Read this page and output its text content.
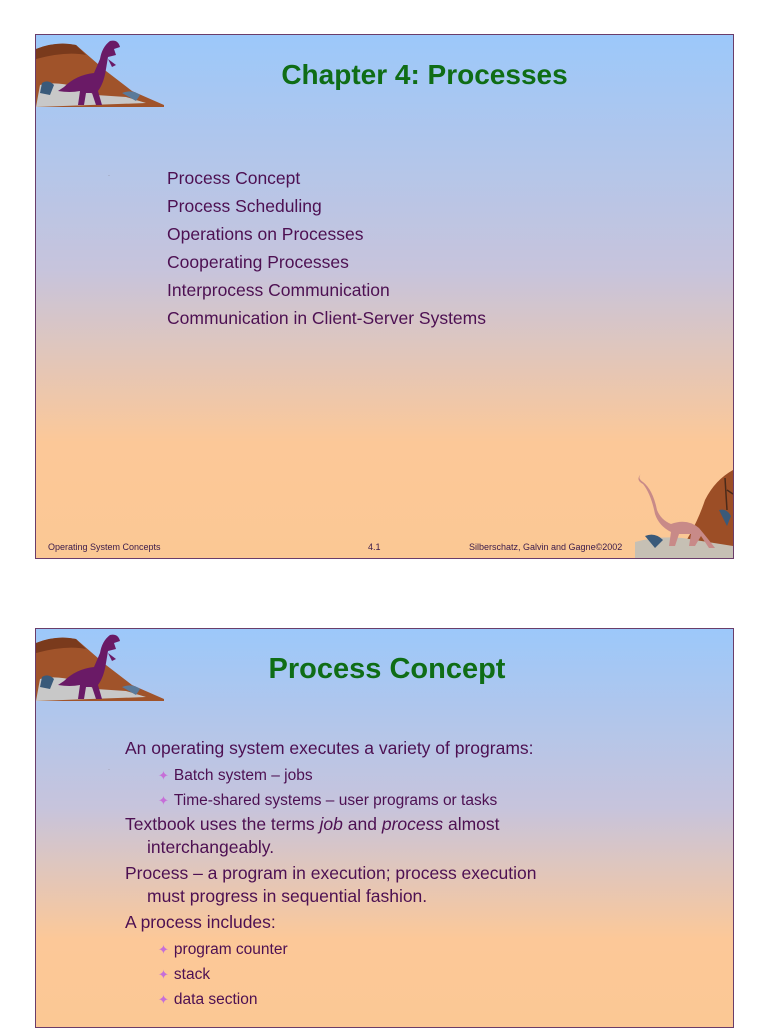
Chapter 4: Processes
·	Process Concept
Process Scheduling
Operations on Processes
Cooperating Processes
Interprocess Communication
Communication in Client-Server Systems
Operating System Concepts	4.1	Silberschatz, Galvin and Gagne©2002
Process Concept
·
An operating system executes a variety of programs:
✦ Batch system – jobs
✦ Time-shared systems – user programs or tasks
Textbook uses the terms job and process almost
interchangeably.
Process – a program in execution; process execution
must progress in sequential fashion.
A process includes:
✦ program counter
✦ stack
✦ data section
